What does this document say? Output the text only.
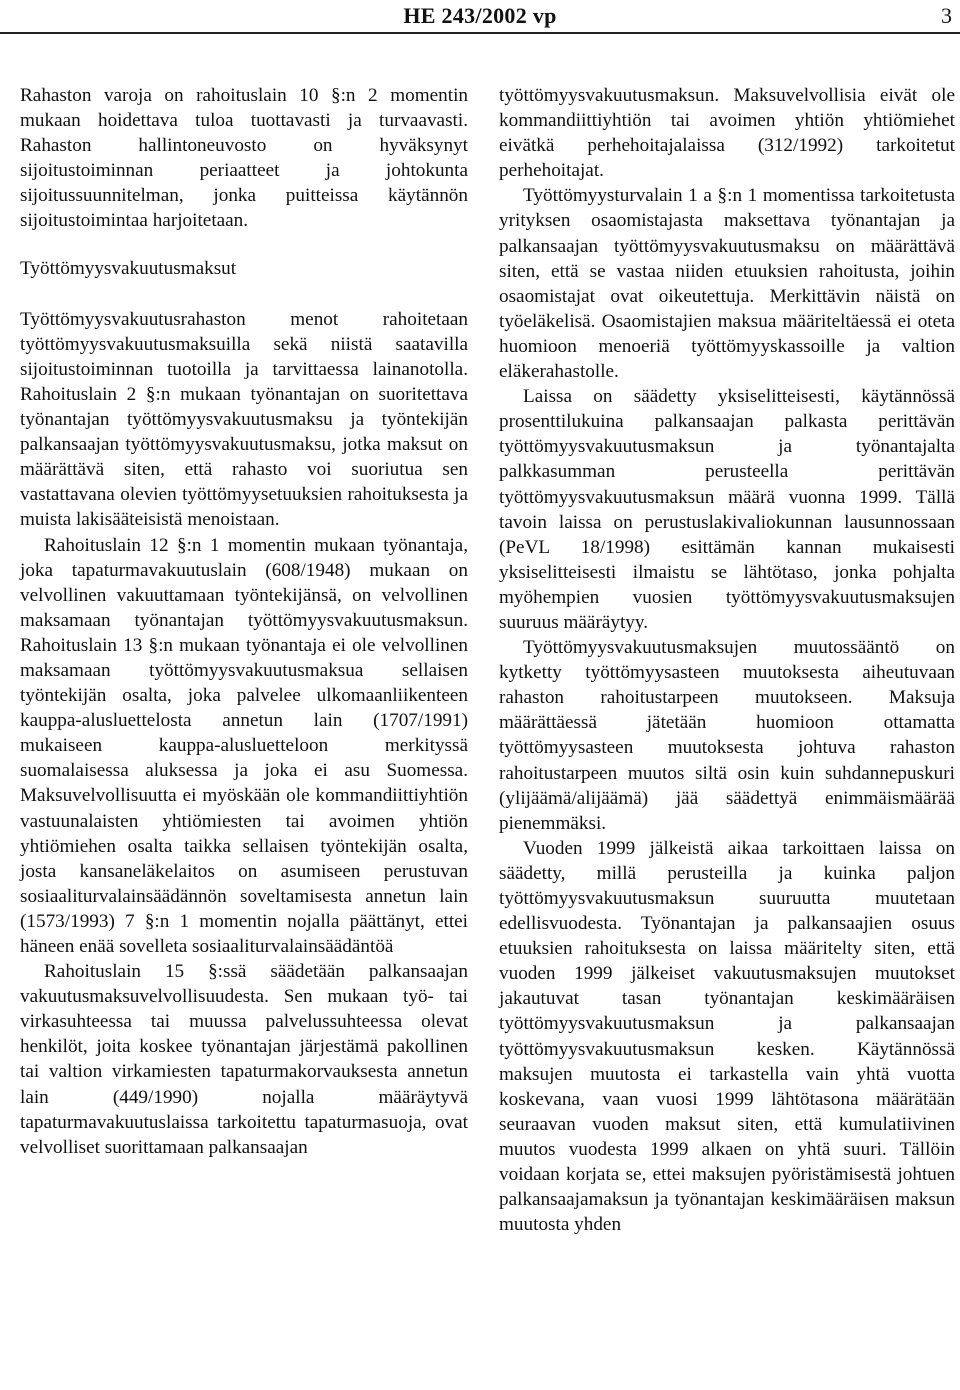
HE 243/2002 vp	3

Rahaston varoja on rahoituslain 10 §:n 2 momentin mukaan hoidettava tuloa tuottavasti ja turvaavasti. Rahaston hallintoneuvosto on hyväksynyt sijoitustoiminnan periaatteet ja johtokunta sijoitussuunnitelman, jonka puitteissa käytännön sijoitustoimintaa harjoitetaan.

Työttömyysvakuutusmaksut

Työttömyysvakuutusrahaston menot rahoitetaan työttömyysvakuutusmaksuilla sekä niistä saatavilla sijoitustoiminnan tuotoilla ja tarvittaessa lainanotolla. Rahoituslain 2 §:n mukaan työnantajan on suoritettava työnantajan työttömyysvakuutusmaksu ja työntekijän palkansaajan työttömyysvakuutusmaksu, jotka maksut on määrättävä siten, että rahasto voi suoriutua sen vastattavana olevien työttömyysetuuksien rahoituksesta ja muista lakisääteisistä menoistaan.

Rahoituslain 12 §:n 1 momentin mukaan työnantaja, joka tapaturmavakuutuslain (608/1948) mukaan on velvollinen vakuuttamaan työntekijänsä, on velvollinen maksamaan työnantajan työttömyysvakuutusmaksun. Rahoituslain 13 §:n mukaan työnantaja ei ole velvollinen maksamaan työttömyysvakuutusmaksua sellaisen työntekijän osalta, joka palvelee ulkomaanliikenteen kauppa-alusluettelosta annetun lain (1707/1991) mukaiseen kauppa-alusluetteloon merkityssä suomalaisessa aluksessa ja joka ei asu Suomessa. Maksuvelvollisuutta ei myöskään ole kommandiittiyhtiön vastuunalaisten yhtiömiesten tai avoimen yhtiön yhtiömiehen osalta taikka sellaisen työntekijän osalta, josta kansaneläkelaitos on asumiseen perustuvan sosiaaliturvalainsäädännön soveltamisesta annetun lain (1573/1993) 7 §:n 1 momentin nojalla päättänyt, ettei häneen enää sovelleta sosiaaliturvalainsäädäntöä

Rahoituslain 15 §:ssä säädetään palkansaajan vakuutusmaksuvelvollisuudesta. Sen mukaan työ- tai virkasuhteessa tai muussa palvelussuhteessa olevat henkilöt, joita koskee työnantajan järjestämä pakollinen tai valtion virkamiesten tapaturmakorvauksesta annetun lain (449/1990) nojalla määräytyvä tapaturmavakuutuslaissa tarkoitettu tapaturmasuoja, ovat velvolliset suorittamaan palkansaajan

työttömyysvakuutusmaksun. Maksuvelvollisia eivät ole kommandiittiyhtiön tai avoimen yhtiön yhtiömiehet eivätkä perhehoitajalaissa (312/1992) tarkoitetut perhehoitajat.

Työttömyysturvalain 1 a §:n 1 momentissa tarkoitetusta yrityksen osaomistajasta maksettava työnantajan ja palkansaajan työttömyysvakuutusmaksu on määrättävä siten, että se vastaa niiden etuuksien rahoitusta, joihin osaomistajat ovat oikeutettuja. Merkittävin näistä on työeläkelisä. Osaomistajien maksua määriteltäessä ei oteta huomioon menoeriä työttömyyskassoille ja valtion eläkerahastolle.

Laissa on säädetty yksiselitteisesti, käytännössä prosenttilukuina palkansaajan palkasta perittävän työttömyysvakuutusmaksun ja työnantajalta palkkasumman perusteella perittävän työttömyysvakuutusmaksun määrä vuonna 1999. Tällä tavoin laissa on perustuslakivaliokunnan lausunnossaan (PeVL 18/1998) esittämän kannan mukaisesti yksiselitteisesti ilmaistu se lähtötaso, jonka pohjalta myöhempien vuosien työttömyysvakuutusmaksujen suuruus määräytyy.

Työttömyysvakuutusmaksujen muutossääntö on kytketty työttömyysasteen muutoksesta aiheutuvaan rahaston rahoitustarpeen muutokseen. Maksuja määrättäessä jätetään huomioon ottamatta työttömyysasteen muutoksesta johtuva rahaston rahoitustarpeen muutos siltä osin kuin suhdannepuskuri (ylijäämä/alijäämä) jää säädettyä enimmäismäärää pienemmäksi.

Vuoden 1999 jälkeistä aikaa tarkoittaen laissa on säädetty, millä perusteilla ja kuinka paljon työttömyysvakuutusmaksun suuruutta muutetaan edellisvuodesta. Työnantajan ja palkansaajien osuus etuuksien rahoituksesta on laissa määritelty siten, että vuoden 1999 jälkeiset vakuutusmaksujen muutokset jakautuvat tasan työnantajan keskimääräisen työttömyysvakuutusmaksun ja palkansaajan työttömyysvakuutusmaksun kesken. Käytännössä maksujen muutosta ei tarkastella vain yhtä vuotta koskevana, vaan vuosi 1999 lähtötasona määrätään seuraavan vuoden maksut siten, että kumulatiivinen muutos vuodesta 1999 alkaen on yhtä suuri. Tällöin voidaan korjata se, ettei maksujen pyöristämisestä johtuen palkansaajamaksun ja työnantajan keskimääräisen maksun muutosta yhden
